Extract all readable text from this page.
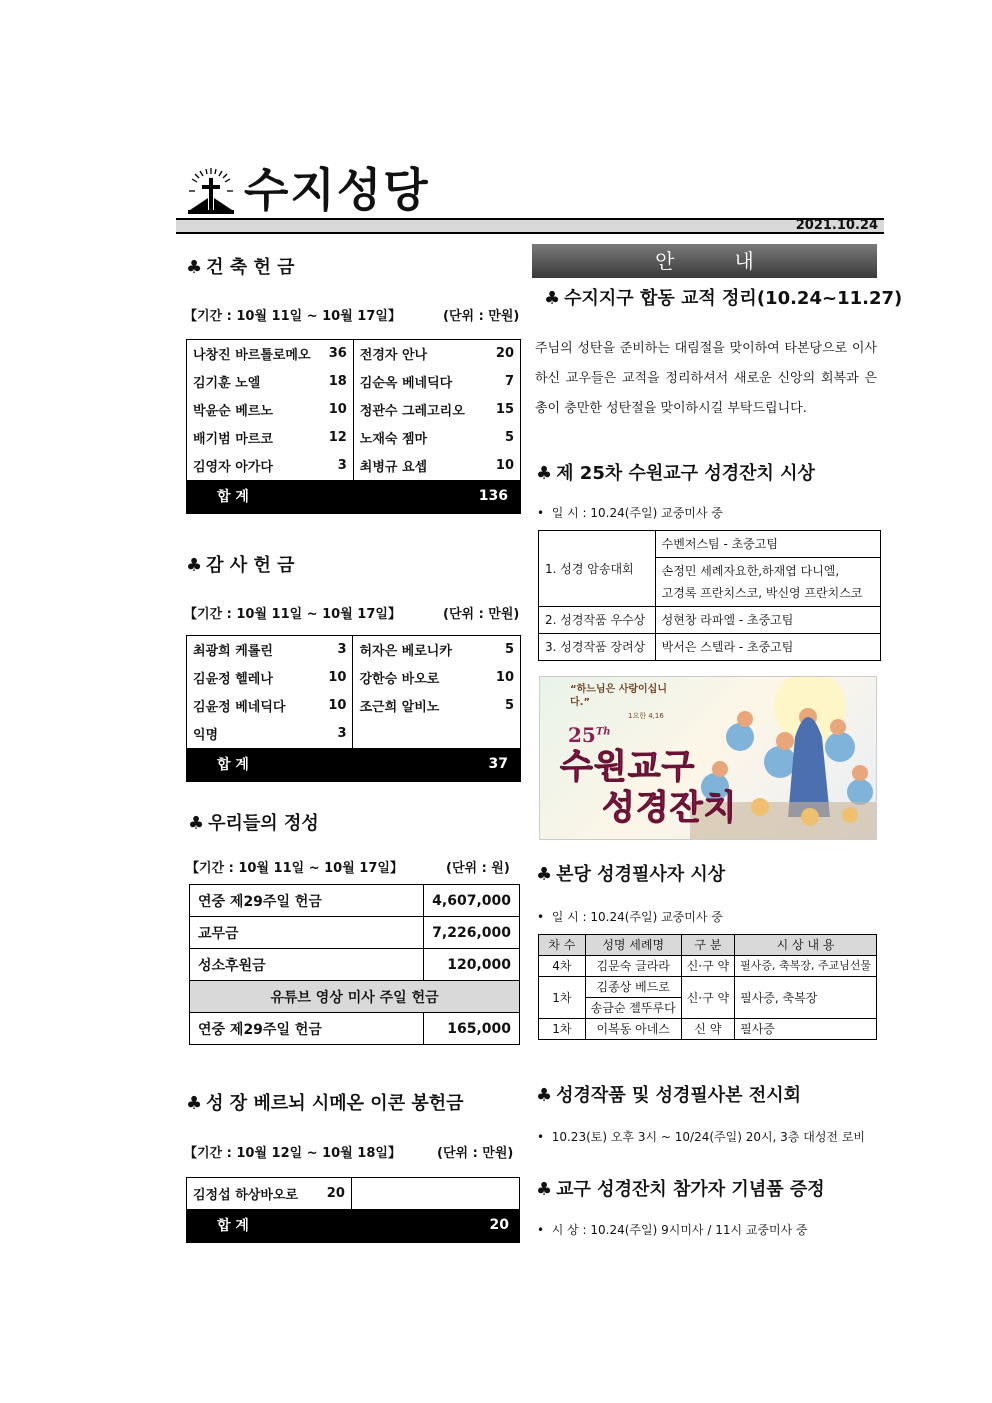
수지성당
2021.10.24
♣ 건 축 헌 금
【기간 : 10월 11일 ~ 10월 17일】	(단위 : 만원)
나창진 바르톨로메오	36	전경자 안나	20
김기훈 노엘	18	김순옥 베네딕다	7
박윤순 베르노	10	정관수 그레고리오	15
배기범 마르코	12	노재숙 젬마	5
김영자 아가다	3	최병규 요셉	10
합 계		136	
♣ 감 사 헌 금
【기간 : 10월 11일 ~ 10월 17일】	(단위 : 만원)
최광희 케롤린	3	허자은 베로니카	5
김윤정 헬레나	10	강한승 바오로	10
김윤정 베네딕다	10	조근희 알비노	5
익명	3		
합 계		37	
♣ 우리들의 정성
【기간 : 10월 11일 ~ 10월 17일】	(단위 : 원)
연중 제29주일 헌금	4,607,000
교무금	7,226,000
성소후원금	120,000
유튜브 영상 미사 주일 헌금	
연중 제29주일 헌금	165,000
♣ 성 장 베르뇌 시메온 이콘 봉헌금
【기간 : 10월 12일 ~ 10월 18일】	(단위 : 만원)
김정섭 하상바오로	20	
합 계		20
안내
♣ 수지지구 합동 교적 정리(10.24~11.27)
주님의 성탄을 준비하는 대림절을 맞이하여 타본당으로 이사하신 교우들은 교적을 정리하셔서 새로운 신앙의 회복과 은총이 충만한 성탄절을 맞이하시길 부탁드립니다.
♣ 제 25차 수원교구 성경잔치 시상
•  일 시 : 10.24(주일) 교중미사 중
1. 성경 암송대회	수벤저스팀 - 초중고팀

	손정민 세례자요한,하재엽 다니엘,
고경록 프란치스코, 박신영 프란치스코

2. 성경작품 우수상	성현창 라파엘 - 초중고팀
3. 성경작품 장려상	박서은 스텔라 - 초중고팀
“하느님은 사랑이십니다.”
1요한 4,16
25Th
수원교구
성경잔치
♣ 본당 성경필사자 시상
•  일 시 : 10.24(주일) 교중미사 중
차 수	성명 세례명	구 분	시 상 내 용
4차	김문숙 글라라	신·구 약	필사증, 축복장, 주교님선물
1차	김종상 베드로	신·구 약	필사증, 축복장
	송금순 젤뚜루다		
1차	이복동 아네스	신 약	필사증
♣ 성경작품 및 성경필사본 전시회
•  10.23(토) 오후 3시 ~ 10/24(주일) 20시, 3층 대성전 로비
♣ 교구 성경잔치 참가자 기념품 증정
•  시 상 : 10.24(주일) 9시미사 / 11시 교중미사 중
